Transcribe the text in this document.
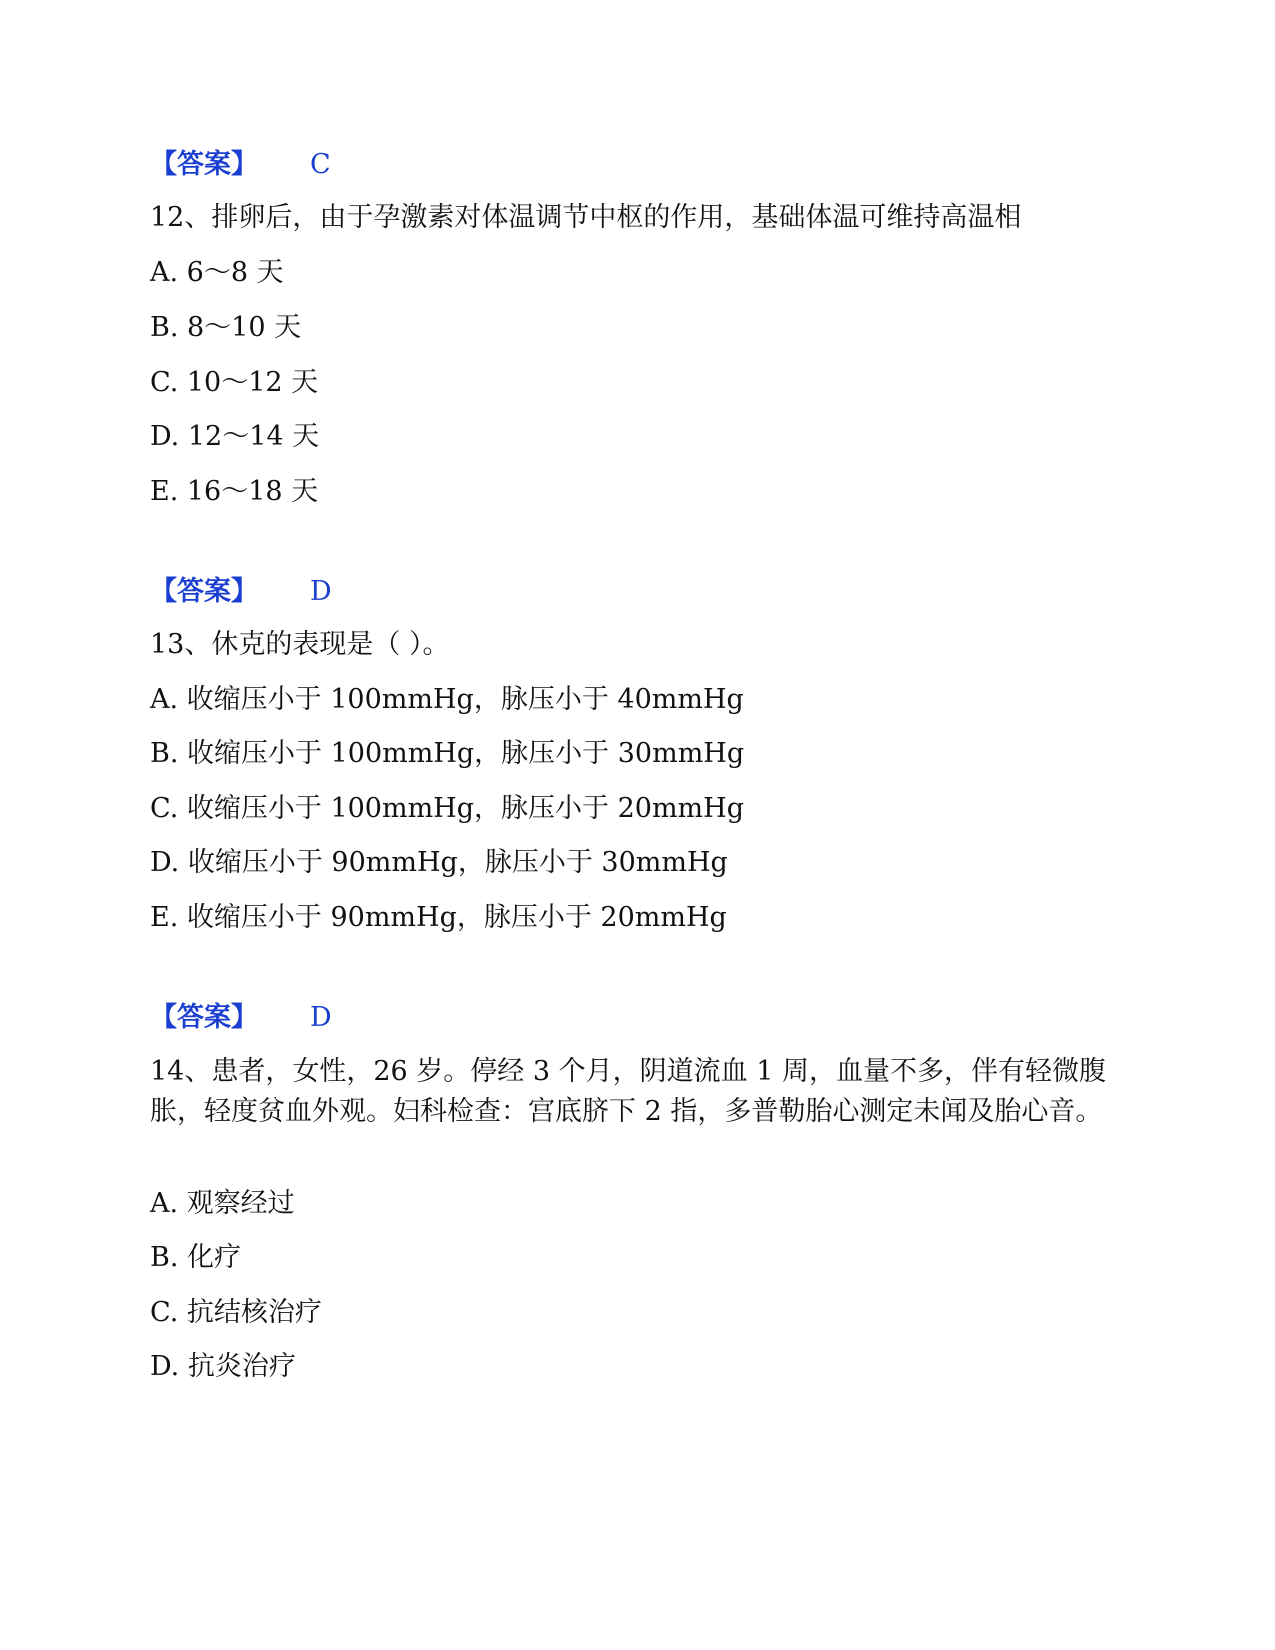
【答案】 C
12、排卵后，由于孕激素对体温调节中枢的作用，基础体温可维持高温相
A. 6～8 天
B. 8～10 天
C. 10～12 天
D. 12～14 天
E. 16～18 天
【答案】 D
13、休克的表现是（ ）。
A. 收缩压小于 100mmHg，脉压小于 40mmHg
B. 收缩压小于 100mmHg，脉压小于 30mmHg
C. 收缩压小于 100mmHg，脉压小于 20mmHg
D. 收缩压小于 90mmHg，脉压小于 30mmHg
E. 收缩压小于 90mmHg，脉压小于 20mmHg
【答案】 D
14、患者，女性，26 岁。停经 3 个月，阴道流血 1 周，血量不多，伴有轻微腹胀，轻度贫血外观。妇科检查：宫底脐下 2 指，多普勒胎心测定未闻及胎心音。
A. 观察经过
B. 化疗
C. 抗结核治疗
D. 抗炎治疗
